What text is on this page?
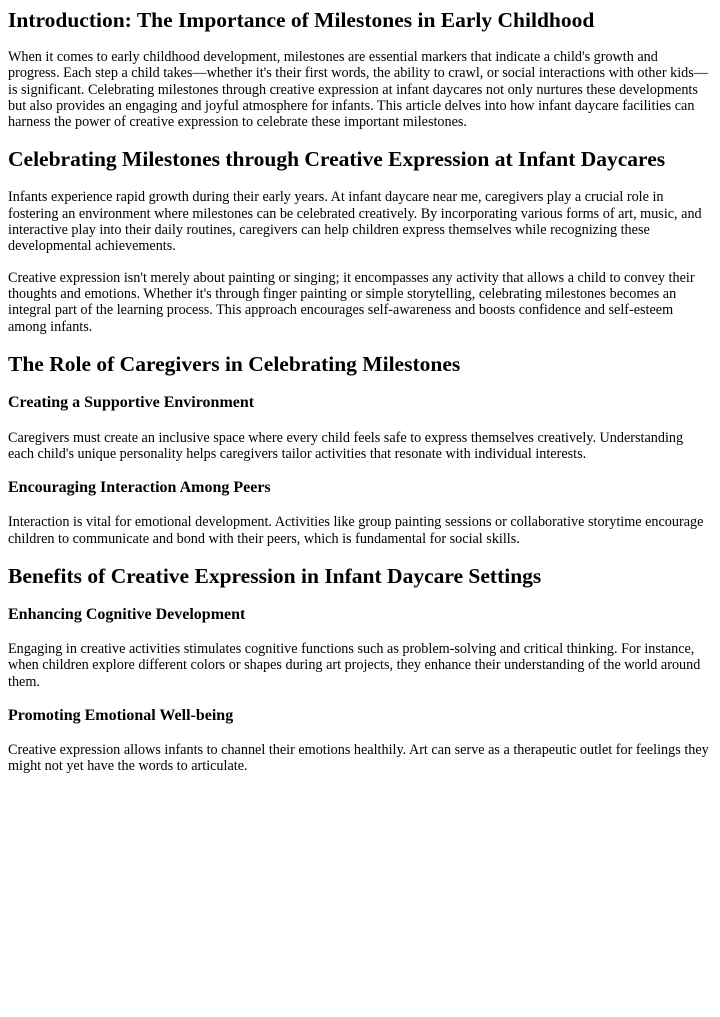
Introduction: The Importance of Milestones in Early Childhood

When it comes to early childhood development, milestones are essential markers that indicate a child's growth and progress. Each step a child takes—whether it's their first words, the ability to crawl, or social interactions with other kids—is significant. Celebrating milestones through creative expression at infant daycares not only nurtures these developments but also provides an engaging and joyful atmosphere for infants. This article delves into how infant daycare facilities can harness the power of creative expression to celebrate these important milestones.

Celebrating Milestones through Creative Expression at Infant Daycares

Infants experience rapid growth during their early years. At infant daycare near me, caregivers play a crucial role in fostering an environment where milestones can be celebrated creatively. By incorporating various forms of art, music, and interactive play into their daily routines, caregivers can help children express themselves while recognizing these developmental achievements.

Creative expression isn't merely about painting or singing; it encompasses any activity that allows a child to convey their thoughts and emotions. Whether it's through finger painting or simple storytelling, celebrating milestones becomes an integral part of the learning process. This approach encourages self-awareness and boosts confidence and self-esteem among infants.

The Role of Caregivers in Celebrating Milestones
Creating a Supportive Environment

Caregivers must create an inclusive space where every child feels safe to express themselves creatively. Understanding each child's unique personality helps caregivers tailor activities that resonate with individual interests.

Encouraging Interaction Among Peers

Interaction is vital for emotional development. Activities like group painting sessions or collaborative storytime encourage children to communicate and bond with their peers, which is fundamental for social skills.

Benefits of Creative Expression in Infant Daycare Settings
Enhancing Cognitive Development

Engaging in creative activities stimulates cognitive functions such as problem-solving and critical thinking. For instance, when children explore different colors or shapes during art projects, they enhance their understanding of the world around them.

Promoting Emotional Well-being

Creative expression allows infants to channel their emotions healthily. Art can serve as a therapeutic outlet for feelings they might not yet have the words to articulate.
